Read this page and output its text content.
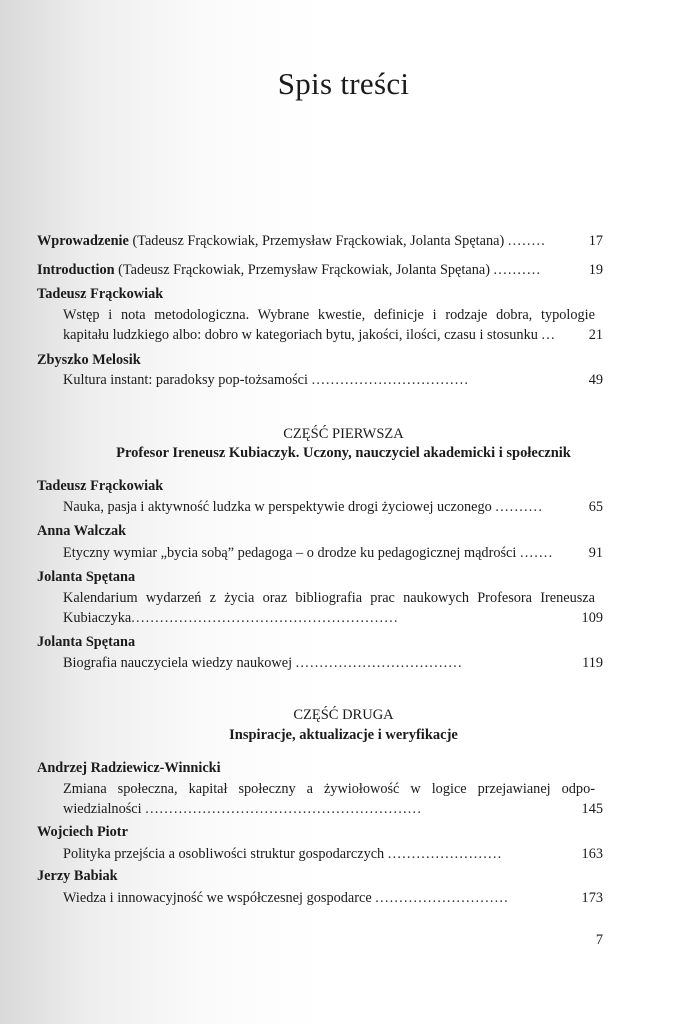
Spis treści
Wprowadzenie (Tadeusz Frąckowiak, Przemysław Frąckowiak, Jolanta Spętana) ........	17
Introduction (Tadeusz Frąckowiak, Przemysław Frąckowiak, Jolanta Spętana) ..........	19
Tadeusz Frąckowiak
Wstęp i nota metodologiczna. Wybrane kwestie, definicje i rodzaje dobra, typologie
kapitału ludzkiego albo: dobro w kategoriach bytu, jakości, ilości, czasu i stosunku ...	21
Zbyszko Melosik
Kultura instant: paradoksy pop-tożsamości .................................	49
CZĘŚĆ PIERWSZA
Profesor Ireneusz Kubiaczyk. Uczony, nauczyciel akademicki i społecznik
Tadeusz Frąckowiak
Nauka, pasja i aktywność ludzka w perspektywie drogi życiowej uczonego ..........	65
Anna Walczak
Etyczny wymiar „bycia sobą” pedagoga – o drodze ku pedagogicznej mądrości .......	91
Jolanta Spętana
Kalendarium wydarzeń z życia oraz bibliografia prac naukowych Profesora Ireneusza
Kubiaczyka........................................................	109
Jolanta Spętana
Biografia nauczyciela wiedzy naukowej ...................................	119
CZĘŚĆ DRUGA
Inspiracje, aktualizacje i weryfikacje
Andrzej Radziewicz-Winnicki
Zmiana społeczna, kapitał społeczny a żywiołowość w logice przejawianej odpo-
wiedzialności ..........................................................	145
Wojciech Piotr
Polityka przejścia a osobliwości struktur gospodarczych ........................	163
Jerzy Babiak
Wiedza i innowacyjność we współczesnej gospodarce ............................	173
7
